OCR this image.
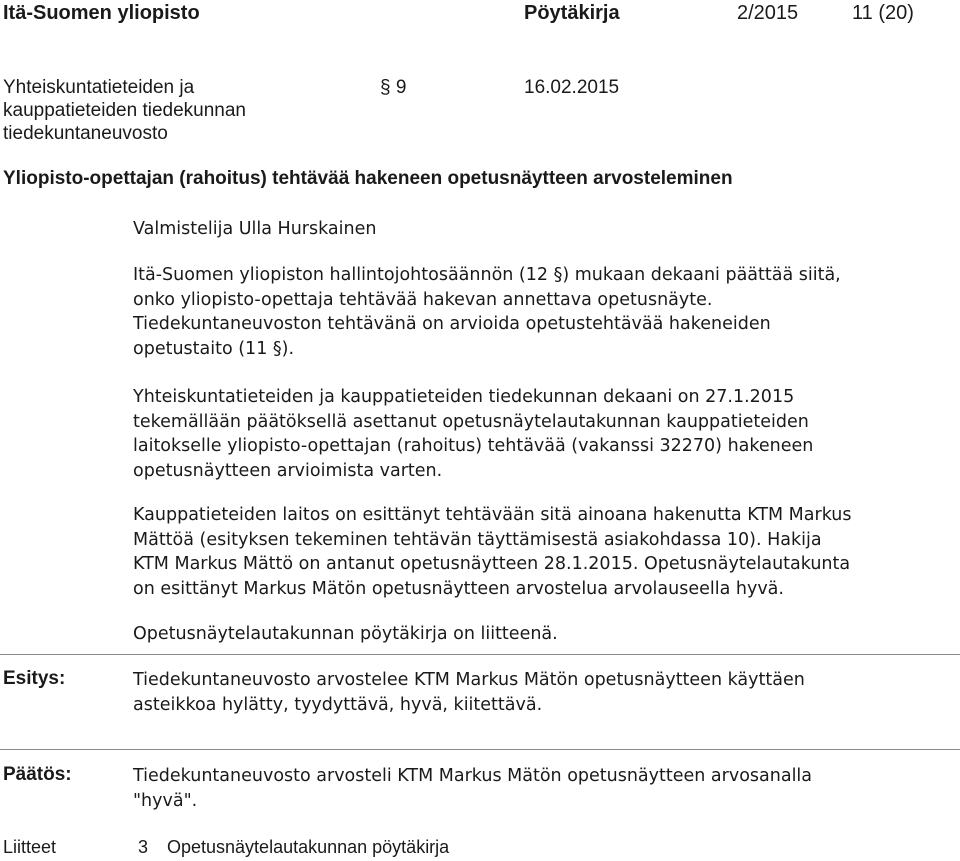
Itä-Suomen yliopisto	Pöytäkirja	2/2015	11 (20)
Yhteiskuntatieteiden ja
kauppatieteiden tiedekunnan
tiedekuntaneuvosto
§ 9	16.02.2015
Yliopisto-opettajan (rahoitus) tehtävää hakeneen opetusnäytteen arvosteleminen
Valmistelija Ulla Hurskainen
Itä-Suomen yliopiston hallintojohtosäännön (12 §) mukaan dekaani päättää siitä,
onko yliopisto-opettaja tehtävää hakevan annettava opetusnäyte.
Tiedekuntaneuvoston tehtävänä on arvioida opetustehtävää hakeneiden
opetustaito (11 §).
Yhteiskuntatieteiden ja kauppatieteiden tiedekunnan dekaani on 27.1.2015
tekemällään päätöksellä asettanut opetusnäytelautakunnan kauppatieteiden
laitokselle yliopisto-opettajan (rahoitus) tehtävää (vakanssi 32270) hakeneen
opetusnäytteen arvioimista varten.
Kauppatieteiden laitos on esittänyt tehtävään sitä ainoana hakenutta KTM Markus
Mättöä (esityksen tekeminen tehtävän täyttämisestä asiakohdassa 10). Hakija
KTM Markus Mättö on antanut opetusnäytteen 28.1.2015. Opetusnäytelautakunta
on esittänyt Markus Mätön opetusnäytteen arvostelua arvolauseella hyvä.
Opetusnäytelautakunnan pöytäkirja on liitteenä.
Esitys:	Tiedekuntaneuvosto arvostelee KTM Markus Mätön opetusnäytteen käyttäen
asteikkoa hylätty, tyydyttävä, hyvä, kiitettävä.
Päätös:	Tiedekuntaneuvosto arvosteli KTM Markus Mätön opetusnäytteen arvosanalla
"hyvä".
Liitteet	3 Opetusnäytelautakunnan pöytäkirja
